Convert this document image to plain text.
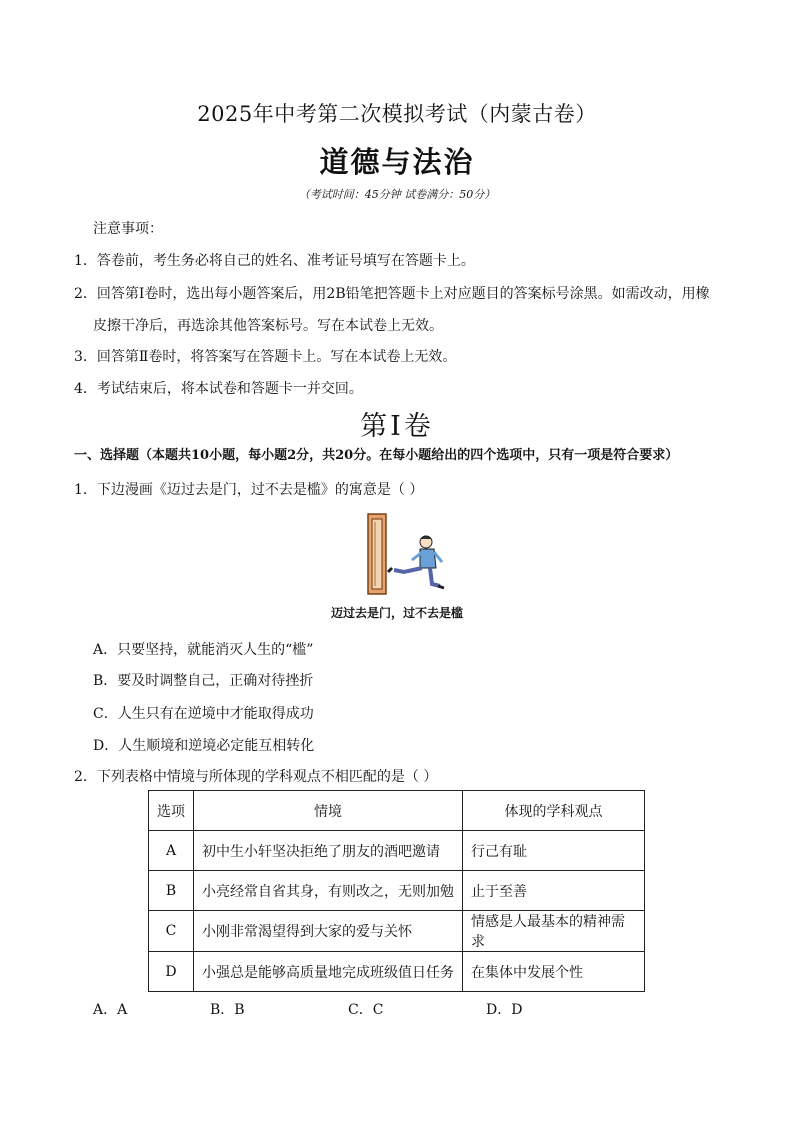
2025年中考第二次模拟考试（内蒙古卷）
道德与法治
（考试时间：45分钟 试卷满分：50分）
注意事项：
1．答卷前，考生务必将自己的姓名、准考证号填写在答题卡上。
2．回答第Ⅰ卷时，选出每小题答案后，用2B铅笔把答题卡上对应题目的答案标号涂黑。如需改动，用橡
皮擦干净后，再选涂其他答案标号。写在本试卷上无效。
3．回答第Ⅱ卷时，将答案写在答题卡上。写在本试卷上无效。
4．考试结束后，将本试卷和答题卡一并交回。
第Ⅰ卷
一、选择题（本题共10小题，每小题2分，共20分。在每小题给出的四个选项中，只有一项是符合要求）
1．下边漫画《迈过去是门，过不去是槛》的寓意是（ ）
迈过去是门，过不去是槛
A．只要坚持，就能消灭人生的“槛”
B．要及时调整自己，正确对待挫折
C．人生只有在逆境中才能取得成功
D．人生顺境和逆境必定能互相转化
2．下列表格中情境与所体现的学科观点不相匹配的是（ ）
选项	情境	体现的学科观点
A	初中生小轩坚决拒绝了朋友的酒吧邀请	行己有耻
B	小亮经常自省其身，有则改之，无则加勉	止于至善
C	小刚非常渴望得到大家的爱与关怀	情感是人最基本的精神需求
D	小强总是能够高质量地完成班级值日任务	在集体中发展个性
A．A	B．B	C．C	D．D
